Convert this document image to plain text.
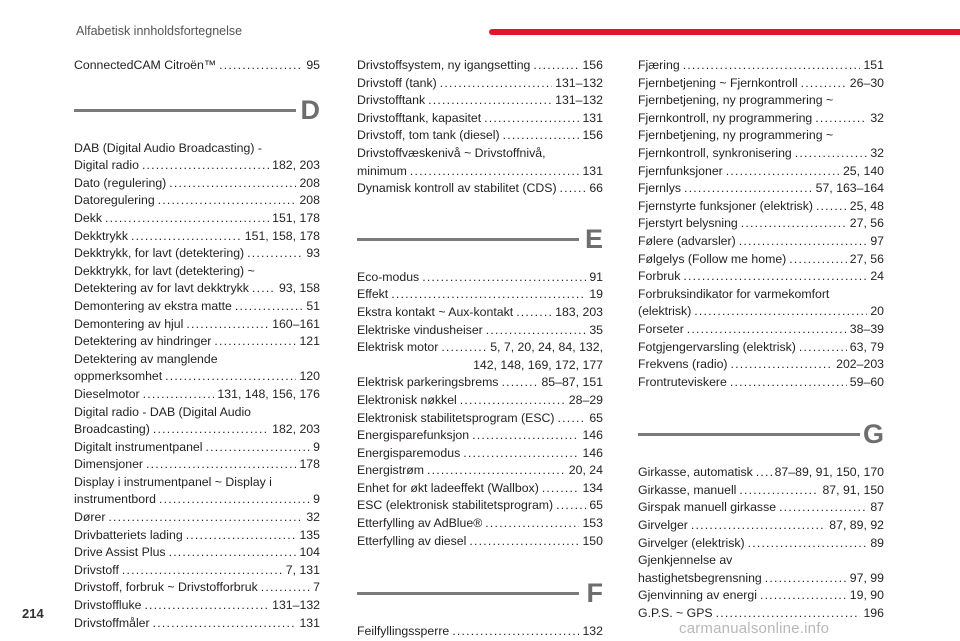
Alfabetisk innholdsfortegnelse
ConnectedCAM Citroën™ .....	95
D
DAB (Digital Audio Broadcasting) -
Digital radio .....	182, 203
Dato (regulering) .....	208
Datoregulering .....	208
Dekk .....	151, 178
Dekktrykk .....	151, 158, 178
Dekktrykk, for lavt (detektering) .....	93
Dekktrykk, for lavt (detektering) ~
Detektering av for lavt dekktrykk ..... 93, 158
Demontering av ekstra matte .....	51
Demontering av hjul .....	160–161
Detektering av hindringer .....	121
Detektering av manglende
oppmerksomhet .....	120
Dieselmotor .....	131, 148, 156, 176
Digital radio - DAB (Digital Audio
Broadcasting) .....	182, 203
Digitalt instrumentpanel .....	9
Dimensjoner .....	178
Display i instrumentpanel ~ Display i
instrumentbord .....	9
Dører .....	32
Drivbatteriets lading .....	135
Drive Assist Plus .....	104
Drivstoff .....	7, 131
Drivstoff, forbruk ~ Drivstofforbruk .....	7
Drivstofflukе .....	131–132
Drivstoffmåler .....	131
Drivstoffsystem, ny igangsetting .....	156
Drivstoff (tank) .....	131–132
Drivstofftank .....	131–132
Drivstofftank, kapasitet .....	131
Drivstoff, tom tank (diesel) .....	156
Drivstoffvæskenivå ~ Drivstoffnivå,
minimum .....	131
Dynamisk kontroll av stabilitet (CDS) .....	66
E
Eco-modus .....	91
Effekt .....	19
Ekstra kontakt ~ Aux-kontakt .....	183, 203
Elektriske vindusheiser .....	35
Elektrisk motor .....	5, 7, 20, 24, 84, 132,
142, 148, 169, 172, 177
Elektrisk parkeringsbrems .....	85–87, 151
Elektronisk nøkkel .....	28–29
Elektronisk stabilitetsprogram (ESC) .....	65
Energisparefunksjon .....	146
Energisparemodus .....	146
Energistrøm .....	20, 24
Enhet for økt ladeeffekt (Wallbox) .....	134
ESC (elektronisk stabilitetsprogram) .....	65
Etterfylling av AdBlue® .....	153
Etterfylling av diesel .....	150
F
Feilfyllingssperre .....	132
Fjæring .....	151
Fjernbetjening ~ Fjernkontroll .....	26–30
Fjernbetjening, ny programmering ~
Fjernkontroll, ny programmering .....	32
Fjernbetjening, ny programmering ~
Fjernkontroll, synkronisering .....	32
Fjernfunksjoner .....	25, 140
Fjernlys .....	57, 163–164
Fjernstyrte funksjoner (elektrisk) .....	25, 48
Fjerstyrt belysning .....	27, 56
Følere (advarsler) .....	97
Følgelys (Follow me home) .....	27, 56
Forbruk .....	24
Forbruksindikator for varmekomfort
(elektrisk) .....	20
Forseter .....	38–39
Fotgjengervarsling (elektrisk) .....	63, 79
Frekvens (radio) .....	202–203
Frontruteviskere .....	59–60
G
Girkasse, automatisk ..... 87–89, 91, 150, 170
Girkasse, manuell .....	87, 91, 150
Girspak manuell girkasse .....	87
Girvelger .....	87, 89, 92
Girvelger (elektrisk) .....	89
Gjenkjennelse av
hastighetsbegrensning .....	97, 99
Gjenvinning av energi .....	19, 90
G.P.S. ~ GPS .....	196
214
carmanualsonline.info
